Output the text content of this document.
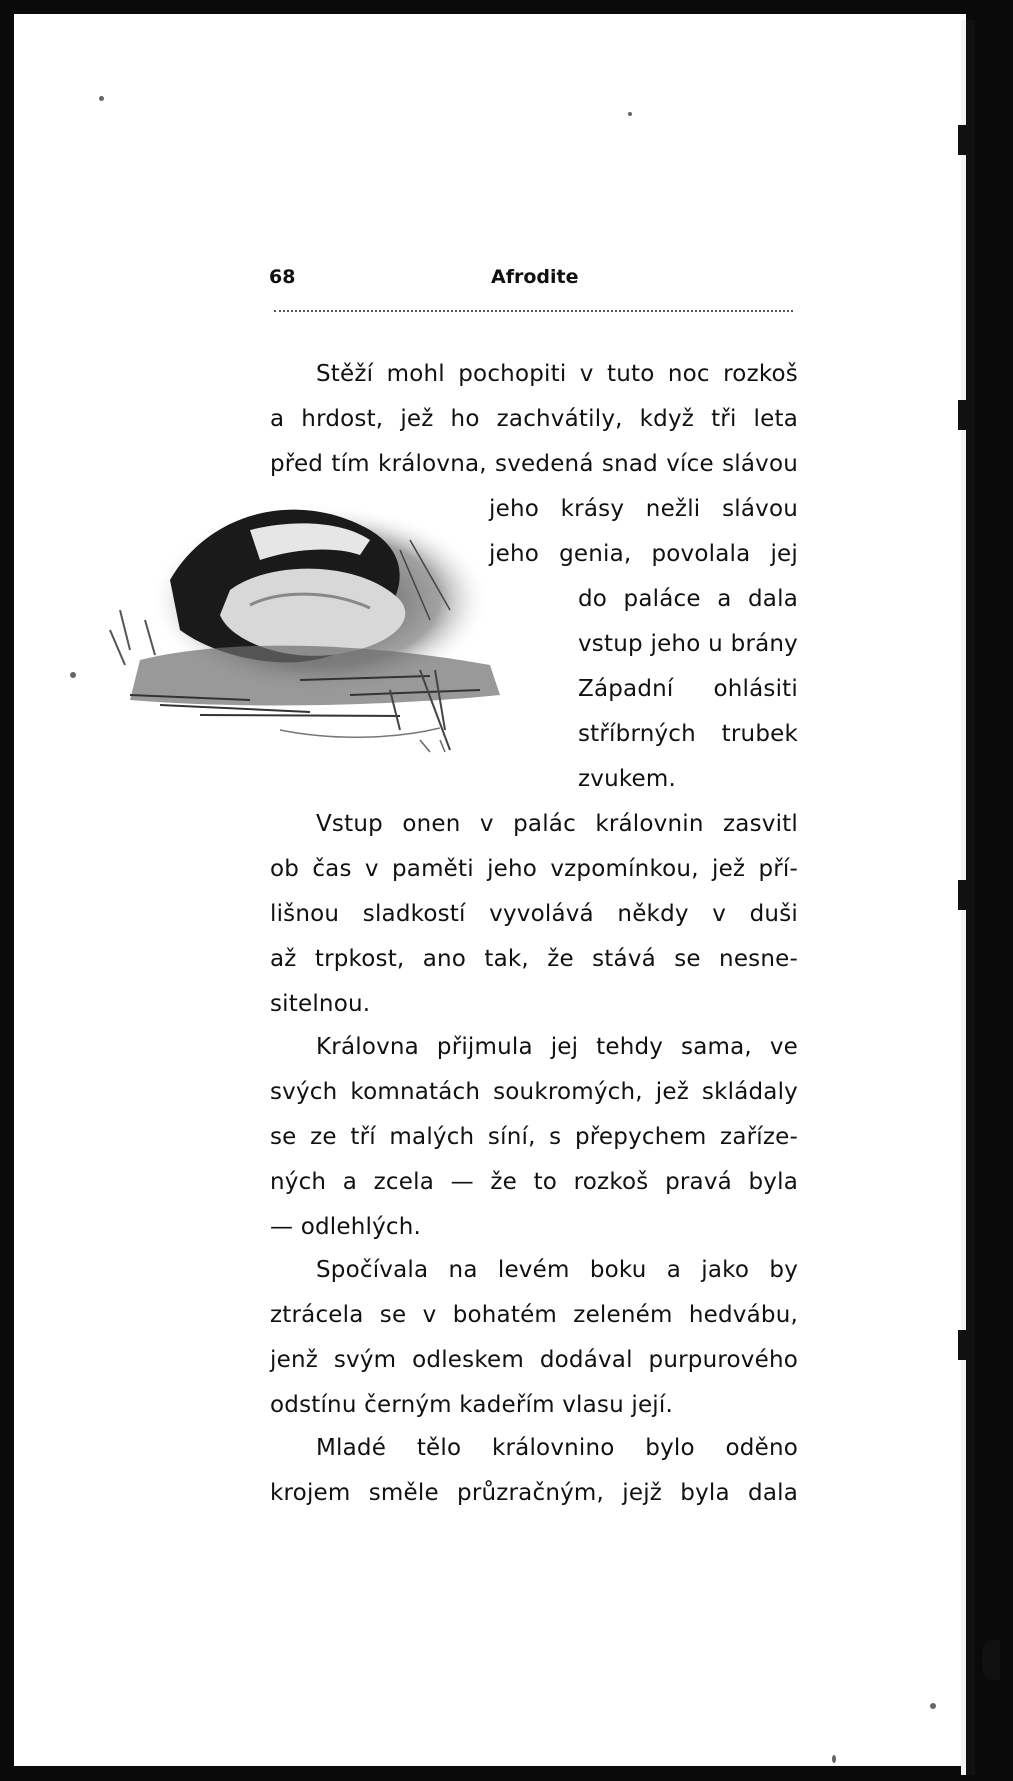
68	Afrodite
Stěží mohl pochopiti v tuto noc rozkoš
a hrdost, jež ho zachvátily, když tři leta
před tím královna, svedená snad více slávou
jeho krásy nežli slávou
jeho genia, povolala jej
do paláce a dala
vstup jeho u brány
Západní ohlásiti
stříbrných trubek
zvukem.
Vstup onen v palác královnin zasvitl
ob čas v paměti jeho vzpomínkou, jež pří-
lišnou sladkostí vyvolává někdy v duši
až trpkost, ano tak, že stává se nesne-
sitelnou.
Královna přijmula jej tehdy sama, ve
svých komnatách soukromých, jež skládaly
se ze tří malých síní, s přepychem zaříze-
ných a zcela — že to rozkoš pravá byla
— odlehlých.
Spočívala na levém boku a jako by
ztrácela se v bohatém zeleném hedvábu,
jenž svým odleskem dodával purpurového
odstínu černým kadeřím vlasu její.
Mladé tělo královnino bylo oděno
krojem směle průzračným, jejž byla dala
